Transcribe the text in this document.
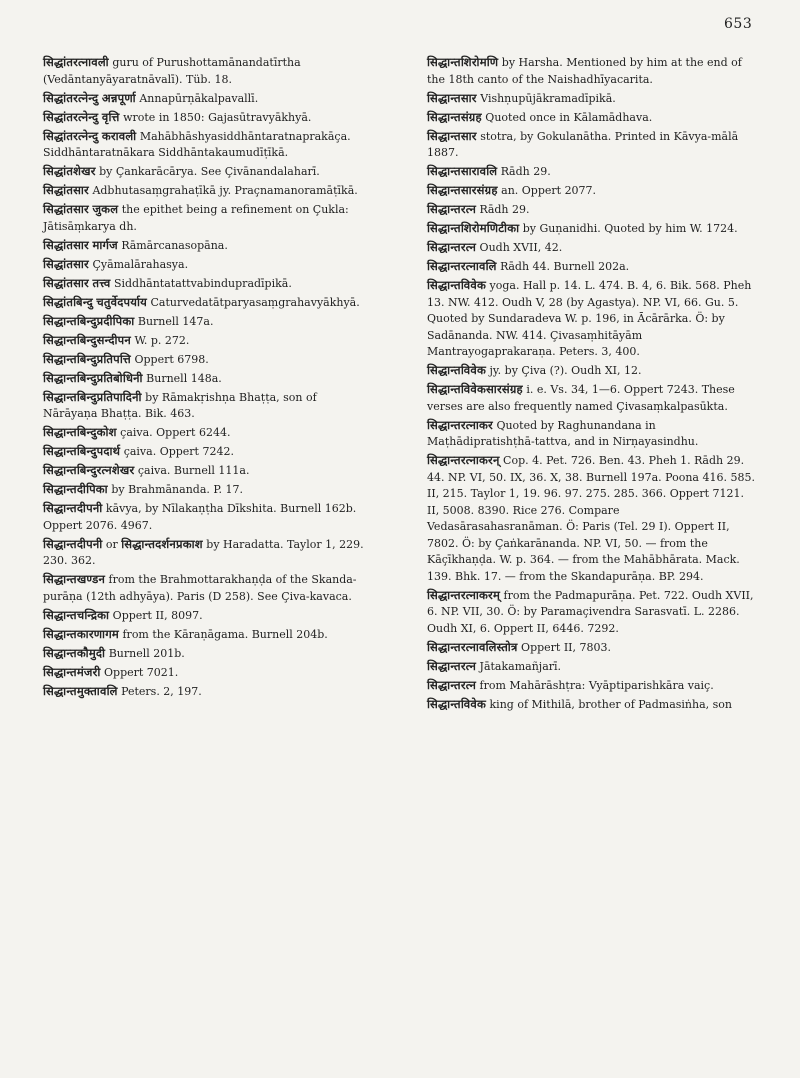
653

सिद्धांतरत्नावली guru of Purushottamānandatīrtha (Vedāntanyāyaratnāvalī). Tüb. 18.

सिद्धांतरत्नेन्दु अन्नपूर्णा Annapūrṇākalpavallī.

सिद्धांतरत्नेन्दु वृत्ति wrote in 1850: Gajasūtravyākhyā.

सिद्धांतरत्नेन्दु करावली Mahābhāshyasiddhāntaratnaprakāça. Siddhāntaratnākara Siddhāntakaumudīṭīkā.

सिद्धांतशेखर by Çankarācārya. See Çivānandalaharī.

सिद्धांतसार Adbhutasaṃgrahaṭīkā jy. Praçnamanoramāṭīkā.

सिद्धांतसार जुकल the epithet being a refinement on Çukla: Jātisāṃkarya dh.

सिद्धांतसार मार्गज Rāmārcanasopāna.

सिद्धांतसार Çyāmalārahasya.

सिद्धांतसार तत्त्व Siddhāntatattvabindupradīpikā.

सिद्धांतबिन्दु चतुर्वेदपर्याय Caturvedatātparyasaṃgrahavyākhyā.

सिद्धान्तबिन्दुप्रदीपिका Burnell 147a.

सिद्धान्तबिन्दुसन्दीपन W. p. 272.

सिद्धान्तबिन्दुप्रतिपत्ति Oppert 6798.

सिद्धान्तबिन्दुप्रतिबोधिनी Burnell 148a.

सिद्धान्तबिन्दुप्रतिपादिनी by Rāmakṛishṇa Bhaṭṭa, son of Nārāyaṇa Bhaṭṭa. Bik. 463.

सिद्धान्तबिन्दुकोश çaiva. Oppert 6244.

सिद्धान्तबिन्दुपदार्थ çaiva. Oppert 7242.

सिद्धान्तबिन्दुरत्नशेखर çaiva. Burnell 111a.

सिद्धान्तदीपिका by Brahmānanda. P. 17.

सिद्धान्तदीपनी kāvya, by Nīlakaṇṭha Dīkshita. Burnell 162b. Oppert 2076. 4967.

सिद्धान्तदीपनी or सिद्धान्तदर्शनप्रकाश by Haradatta. Taylor 1, 229. 230. 362.

सिद्धान्तखण्डन from the Brahmottarakhaṇḍa of the Skanda-purāṇa (12th adhyāya). Paris (D 258). See Çiva-kavaca.

सिद्धान्तचन्द्रिका Oppert II, 8097.

सिद्धान्तकारणागम from the Kāraṇāgama. Burnell 204b.

सिद्धान्तकौमुदी Burnell 201b.

सिद्धान्तमंजरी Oppert 7021.

सिद्धान्तमुक्तावलि Peters. 2, 197.

सिद्धान्तशिरोमणि by Harsha. Mentioned by him at the end of the 18th canto of the Naishadhīyacarita.

सिद्धान्तसार Vishṇupūjākramadīpikā.

सिद्धान्तसंग्रह Quoted once in Kālamādhava.

सिद्धान्तसार stotra, by Gokulanātha. Printed in Kāvya-mālā 1887.

सिद्धान्तसारावलि Rādh 29.

सिद्धान्तसारसंग्रह an. Oppert 2077.

सिद्धान्तरत्न Rādh 29.

सिद्धान्तशिरोमणिटीका by Guṇanidhi. Quoted by him W. 1724.

सिद्धान्तरत्न Oudh XVII, 42.

सिद्धान्तरत्नावलि Rādh 44. Burnell 202a.

सिद्धान्तविवेक yoga. Hall p. 14. L. 474. B. 4, 6. Bik. 568. Pheh 13. NW. 412. Oudh V, 28 (by Agastya). NP. VI, 66. Gu. 5. Quoted by Sundaradeva W. p. 196, in Ācārārka. Ö: by Sadānanda. NW. 414. Çivasaṃhitāyām Mantrayogaprakaraṇa. Peters. 3, 400.

सिद्धान्तविवेक jy. by Çiva (?). Oudh XI, 12.

सिद्धान्तविवेकसारसंग्रह i. e. Vs. 34, 1—6. Oppert 7243. These verses are also frequently named Çivasaṃkalpasūkta.

सिद्धान्तरत्नाकर Quoted by Raghunandana in Maṭhādipratishṭhā-tattva, and in Nirṇayasindhu.

सिद्धान्तरत्नाकरन् Cop. 4. Pet. 726. Ben. 43. Pheh 1. Rādh 29. 44. NP. VI, 50. IX, 36. X, 38. Burnell 197a. Poona 416. 585. II, 215. Taylor 1, 19. 96. 97. 275. 285. 366. Oppert 7121. II, 5008. 8390. Rice 276. Compare Vedasārasahasranāman. Ö: Paris (Tel. 29 I). Oppert II, 7802. Ö: by Çaṅkarānanda. NP. VI, 50. — from the Kāçīkhaṇḍa. W. p. 364. — from the Mahābhārata. Mack. 139. Bhk. 17. — from the Skandapurāṇa. BP. 294.

सिद्धान्तरत्नाकरम् from the Padmapurāṇa. Pet. 722. Oudh XVII, 6. NP. VII, 30. Ö: by Paramaçivendra Sarasvatī. L. 2286. Oudh XI, 6. Oppert II, 6446. 7292.

सिद्धान्तरत्नावलिस्तोत्र Oppert II, 7803.

सिद्धान्तरत्न Jātakamañjarī.

सिद्धान्तरत्न from Mahārāshṭra: Vyāptiparishkāra vaiç.

सिद्धान्तविवेक king of Mithilā, brother of Padmasiṅha, son
